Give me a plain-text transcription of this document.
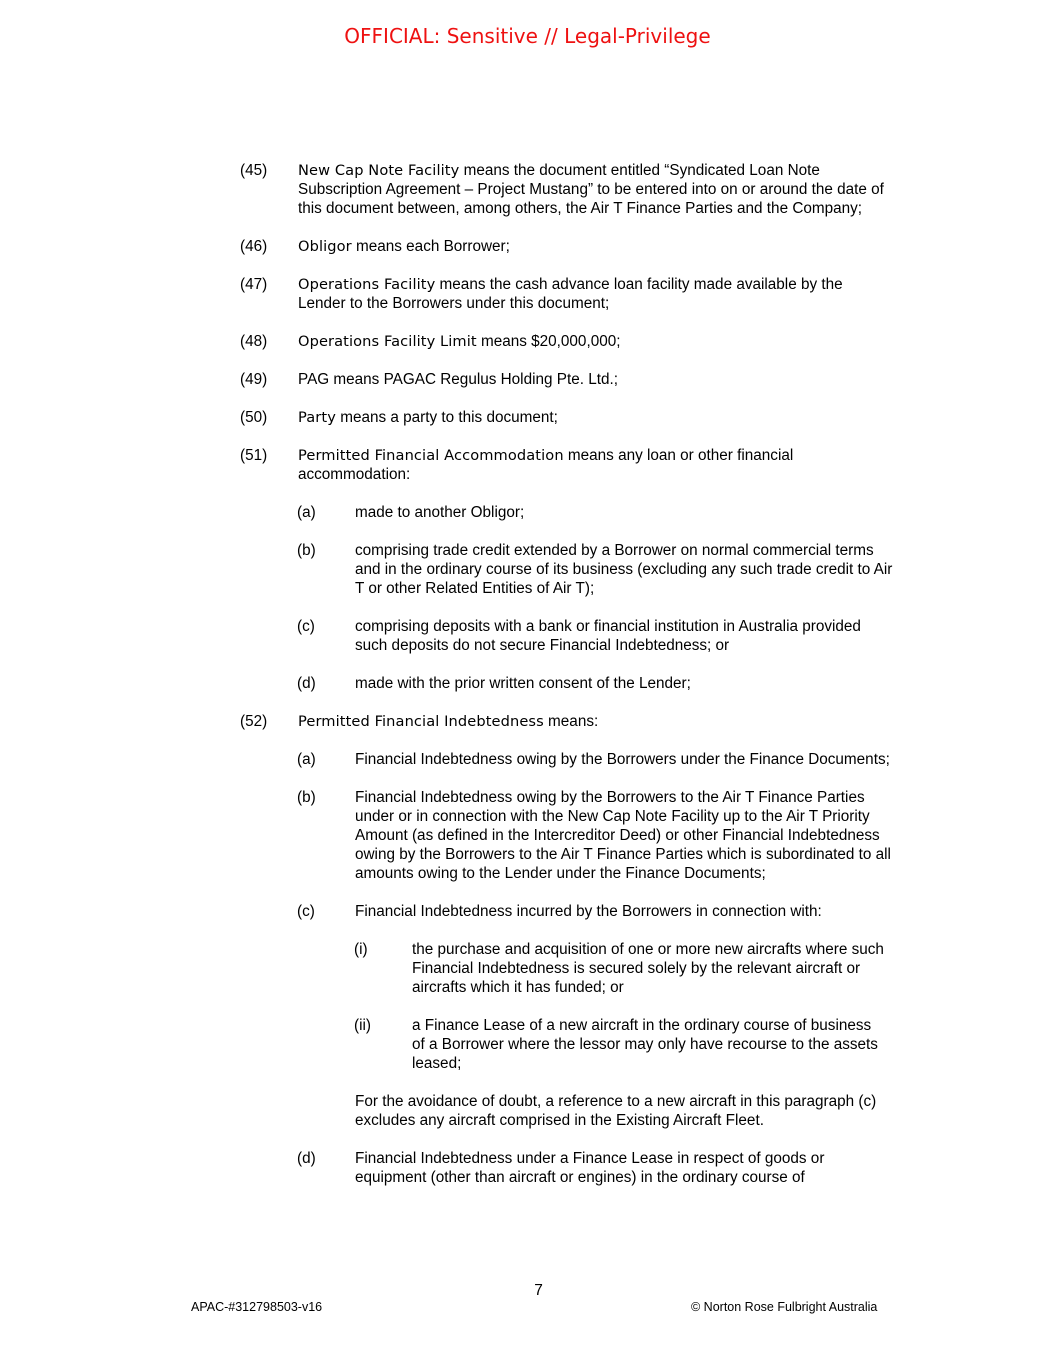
OFFICIAL: Sensitive // Legal-Privilege
(45) New Cap Note Facility means the document entitled “Syndicated Loan Note Subscription Agreement – Project Mustang” to be entered into on or around the date of this document between, among others, the Air T Finance Parties and the Company;
(46) Obligor means each Borrower;
(47) Operations Facility means the cash advance loan facility made available by the Lender to the Borrowers under this document;
(48) Operations Facility Limit means $20,000,000;
(49) PAG means PAGAC Regulus Holding Pte. Ltd.;
(50) Party means a party to this document;
(51) Permitted Financial Accommodation means any loan or other financial accommodation:
(a)	made to another Obligor;
(b)	comprising trade credit extended by a Borrower on normal commercial terms and in the ordinary course of its business (excluding any such trade credit to Air T or other Related Entities of Air T);
(c)	comprising deposits with a bank or financial institution in Australia provided such deposits do not secure Financial Indebtedness; or
(d)	made with the prior written consent of the Lender;
(52) Permitted Financial Indebtedness means:
(a)	Financial Indebtedness owing by the Borrowers under the Finance Documents;
(b)	Financial Indebtedness owing by the Borrowers to the Air T Finance Parties under or in connection with the New Cap Note Facility up to the Air T Priority Amount (as defined in the Intercreditor Deed) or other Financial Indebtedness owing by the Borrowers to the Air T Finance Parties which is subordinated to all amounts owing to the Lender under the Finance Documents;
(c)	Financial Indebtedness incurred by the Borrowers in connection with:
(i)	the purchase and acquisition of one or more new aircrafts where such Financial Indebtedness is secured solely by the relevant aircraft or aircrafts which it has funded; or
(ii)	a Finance Lease of a new aircraft in the ordinary course of business of a Borrower where the lessor may only have recourse to the assets leased;
For the avoidance of doubt, a reference to a new aircraft in this paragraph (c) excludes any aircraft comprised in the Existing Aircraft Fleet.
(d)	Financial Indebtedness under a Finance Lease in respect of goods or equipment (other than aircraft or engines) in the ordinary course of
7
APAC-#312798503-v16	© Norton Rose Fulbright Australia
